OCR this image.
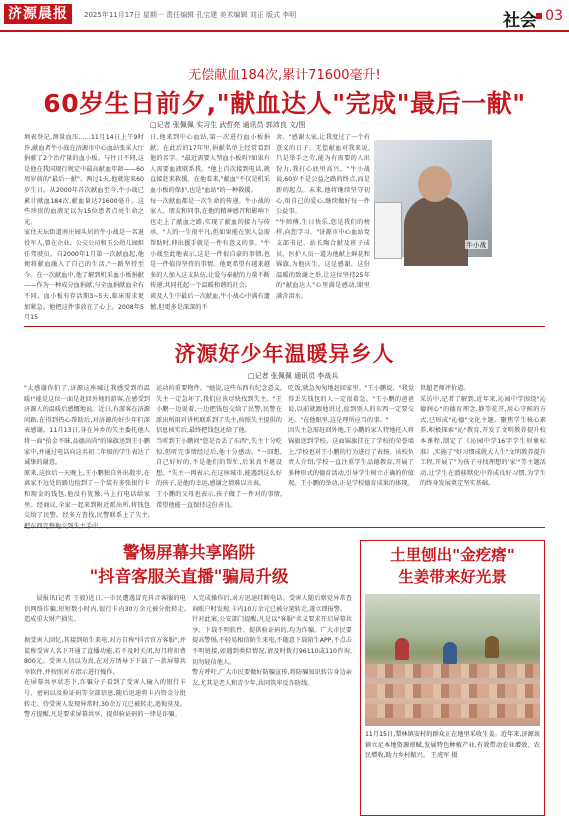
济源晨报	2025年11月17日 星期一 责任编辑 孔宝建 美术编辑 刘正 版式 李明	社会 03
无偿献血184次,累计71600毫升!
60岁生日前夕,"献血达人"完成"最后一献"
□记者 张佩佩 实习生 武哲亮 通讯员 郭沛良 文/图
填表登记,测量血压……11月14日上午9时许,献血者牛小战在济源市中心血站张采大厅捐献了2个治疗量的血小板。与往日不同,这是他在我国现行规定中最高献血年龄——60周岁前的"最后一献"。两过1天,他就迎来60岁生日。从2000年首次献血至今,牛小战已累计献血184次,献血量达71600毫升。这些珍贵的血液足以为15位患者点亮生命之光。
家住天坛街道南庄园头居的牛小战是一名退役军人,曾在企业、公交公司和玉公幼儿园担任驾驶员。自2000年1月第一次献血起,他便将献血融入了自己的生活,"一路坚持至今。在一次献血中,他了解到机采血小板捐献——作为一种成分血捐献,与全血捐献血全有不同。血小板有存活期3~5天,临床需求更加紧急。他把这件事放在了心上。2008年5月15
日,他来到中心血站,第一次进行血小板捐献。在此后的17年里,捐献名单上经常看到他的名字。"最近需要人型血小板吗?如果有人需要血液联系我。"他上百次接到电话,就直接赶来救援。在他看来,"献血"不仅是机采血小板的保护,也是"血站"的一种救援。
每一次献血都是一次生命的传递。牛小战的家人、朋友和同事,在他的精神感召和影响下也走上了献血之路,实现了献血的接力与传承。"人的一生很平凡,但如果能在别人急需帮助时,伸出援手就是一件有意义的事。"牛小战至此地表示,这是一件很自豪的事情,也是一件值得坚持的事情。他更希望有越来越多的人加入这支队伍,让爱与奉献的力量不断传递,共同托起一个温暖和谐的社会。
谈及人生中最后一次献血,牛小战心中满有遗憾,但更多是深深的不
舍。"感谢大家,让我度过了一个有意义的日子。无偿献血对我来说,只是举手之劳,能为有需要的人出份力,我打心底里高兴。"牛小战说,60岁不是公益之路的终点,而是新的起点。未来,他将继续坚守初心,用自己的爱心,继续做好每一件公益事。
"牛师傅,生日快乐,您是我们的榜样,向您学习。"济源市中心血站党支部书记、站长陶合献及班子成员、医护人员一道为他献上鲜花和锦旗,为他庆生。这是感谢、这份温暖的致谢之举,让这位坚持25年的"献血达人"心里满是感动,眼里满含泪水。
牛小战
济源好少年温暖异乡人
□记者 张佩佩 通讯员 李战兵
"太感谢你们了,济源这座城让我感受到的温暖!"能是这位一面是赶回外地的游客,在感受到济源人的温暖后感慨地说。近日,有游客在济源问路,在得到热心帮助后,对济源的好少年们深表感谢。11月13日,身在异乡的失主委托他人将一面"拾金不昧,品德高尚"的锦旗送到王小鹏家中,并通过电话向这名初二年级的学生表达了诚挚的谢意。
原来,这位后一天晚上,王小鹏独自外出散步,在离家不远处的路边捡到了一个装有多张银行卡和现金的钱包,他没有犹豫,马上打电话给家里。经商议,全家一起来到附近派出所,将钱包交给了民警。经多方查找,民警联系上了失主,
运动的重要物件。"她说,这些东西有纪念意义,失主一定急坏了,我们应该尽快找到失主。"王小鹏一边说着,一边把钱包交给了民警,民警在派出所用对讲机联系到了失主,按照失主提供的信息核实后,最终把钱包还给了他。
当听到王小鹏问"您是否丢了东西",失主十分吃惊,但听完事情经过后,他十分感动。"一回想,自己好好的,不是他们的帮忙,后果真不堪设想。"失主一再表示,在这座城市,能遇到这么好的孩子,是他的幸运,感谢之情难以言表。
王小鹏的父母也表示,孩子做了一件对的事情,希望他能一直保持这份善良。
吃饭,就急匆匆地赶回家里。"王小鹏说。"我觉得丢失钱包的人一定很着急。"王小鹏的爸爸说,以前就跟他讲过,捡到别人的东西一定要交还。"在他眼里,这是理所应当的事。"
因失主急需赶回外地,王小鹏的家人特地托人将锦旗送到学校。这面锦旗挂在了学校的荣誉墙上,学校也对王小鹏的行为进行了表扬。该校负责人介绍,学校一直注重学生品德教育,开展了多种形式的德育活动,引导学生树立正确的价值观。王小鹏的举动,正是学校德育成果的体现。
世超老师评价道。
采访中,记者了解到,近年来,沁园中学围绕"沁德润心"的德育理念,静等花开,用心守候的方式,已形成"沁德"文化主题。聚焦学生核心素养,积极探索"沁"教育,开发了文明教养提升校本课程,制定了《沁园中学16字学生形象标准》,实施了"好习惯成就大人生"文明教养提升工程,开展了"为孩子寻找理想的'家'"等主题活动,让学生在潜移默化中养成良好习惯,为学生的终身发展奠定坚实基础。
警惕屏幕共享陷阱
"抖音客服关直播"骗局升级

晨报讯(记者 王毅)近日,一市民遭遇冒充抖音客服的电信网络诈骗,短短数小时内,银行卡内30万余元被分批转走,造成重大财产损失。

据受害人回忆,其接到陌生来电,对方自称"抖音官方客服",并谎称受害人名下开通了直播功能,若不及时关闭,每月将扣费800元。受害人信以为真,在对方诱导下下载了一款屏幕共享软件,并按照对方指示进行操作。
在屏幕共享状态下,诈骗分子看到了受害人输入的银行卡号、密码以及验证码等全部信息,随后迅速将卡内资金分批转走。待受害人发现异常时,30余万元已被转走,追悔莫及。警方提醒,凡是要求屏幕共享、提供验证码的一律是诈骗。
人完成操作后,对方迅速挂断电话。受害人随后察觉异常查询账户时发现,卡内10万余元已被分笔转走,遂立即报警。
针对此案,公安部门提醒,凡是以"客服"名义要求开启屏幕共享、下载不明软件、提供验证码的,均为诈骗。广大市民要提高警惕,不轻易相信陌生来电,不随意下载陌生APP,不点击不明链接,如遇到类似情况,请及时拨打96110或110咨询,切勿轻信他人。
警方呼吁,广大市民要做好防骗宣传,将防骗知识转告身边亲友,尤其是老人和青少年,共同筑牢反诈防线。
土里刨出"金疙瘩"
生姜带来好光景
11月15日,梨林镇安村的群众正在地里采收生姜。近年来,济源该镇立足本地资源禀赋,发展特色种植产业,有效带动农业增效、农民增收,助力乡村振兴。 王虎军 摄
